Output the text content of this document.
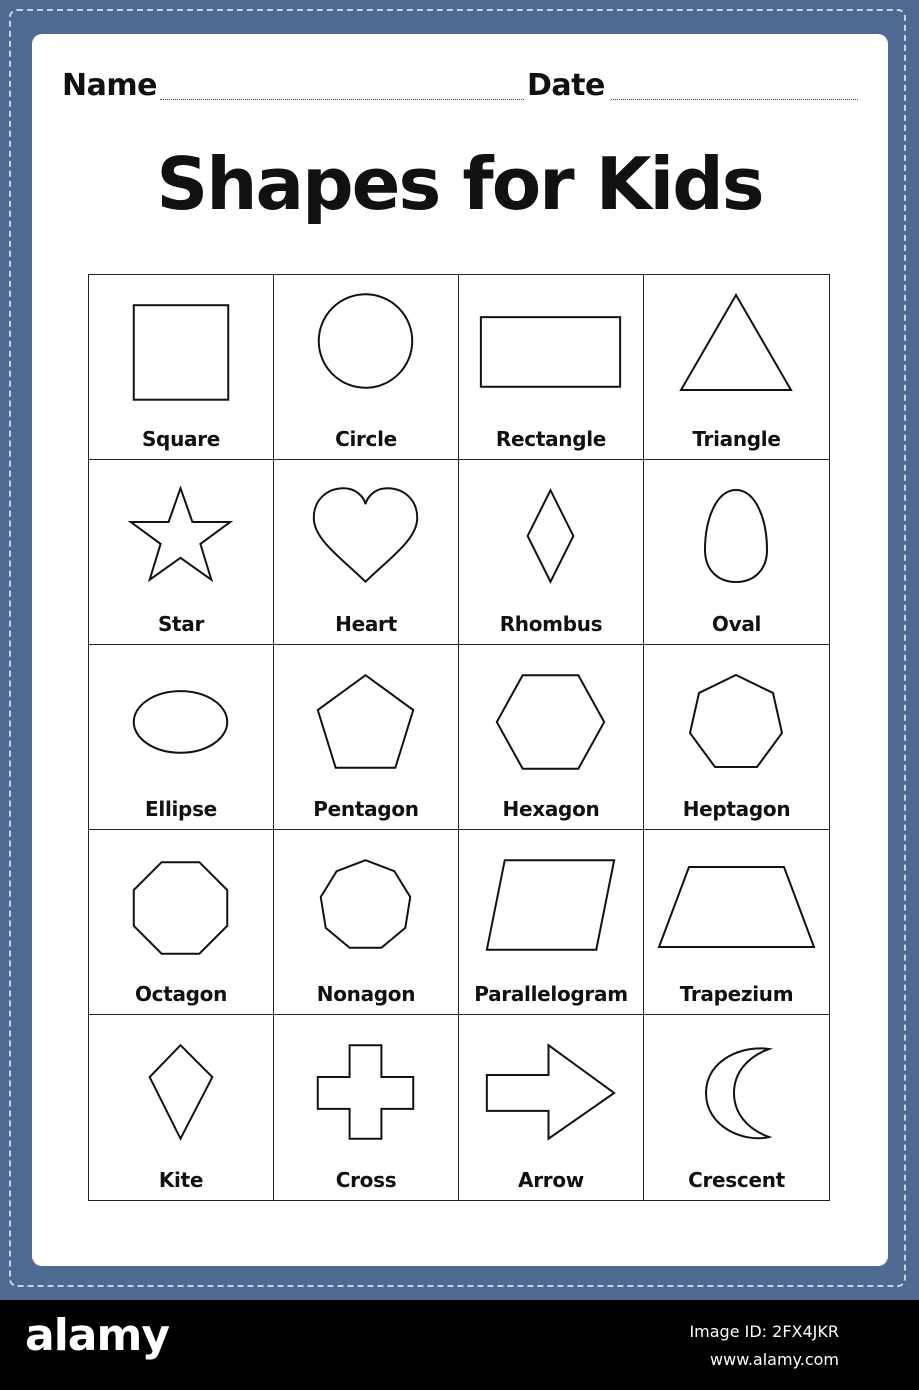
Name	Date
Shapes for Kids
Square	Circle	Rectangle	Triangle
Star	Heart	Rhombus	Oval
Ellipse	Pentagon	Hexagon	Heptagon
Octagon	Nonagon	Parallelogram	Trapezium
Kite	Cross	Arrow	Crescent
alamy	Image ID: 2FX4JKR
www.alamy.com
